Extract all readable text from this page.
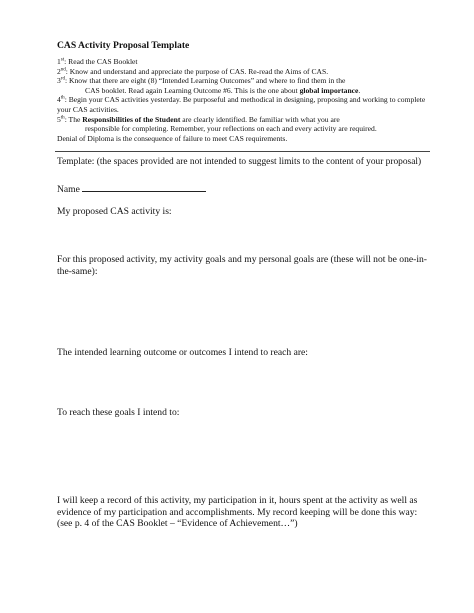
CAS Activity Proposal Template

1st: Read the CAS Booklet

2nd: Know and understand and appreciate the purpose of CAS. Re-read the Aims of CAS.

3rd: Know that there are eight (8) “Intended Learning Outcomes” and where to find them in the
CAS booklet. Read again Learning Outcome #6. This is the one about global importance.

4th: Begin your CAS activities yesterday. Be purposeful and methodical in designing, proposing and working to complete your CAS activities.

5th: The Responsibilities of the Student are clearly identified. Be familiar with what you are
responsible for completing. Remember, your reflections on each and every activity are required.

Denial of Diploma is the consequence of failure to meet CAS requirements.

Template: (the spaces provided are not intended to suggest limits to the content of your proposal)
Name
My proposed CAS activity is:
For this proposed activity, my activity goals and my personal goals are (these will not be one-in-the-same):
The intended learning outcome or outcomes I intend to reach are:
To reach these goals I intend to:
I will keep a record of this activity, my participation in it, hours spent at the activity as well as evidence of my participation and accomplishments. My record keeping will be done this way:
(see p. 4 of the CAS Booklet – “Evidence of Achievement…”)
